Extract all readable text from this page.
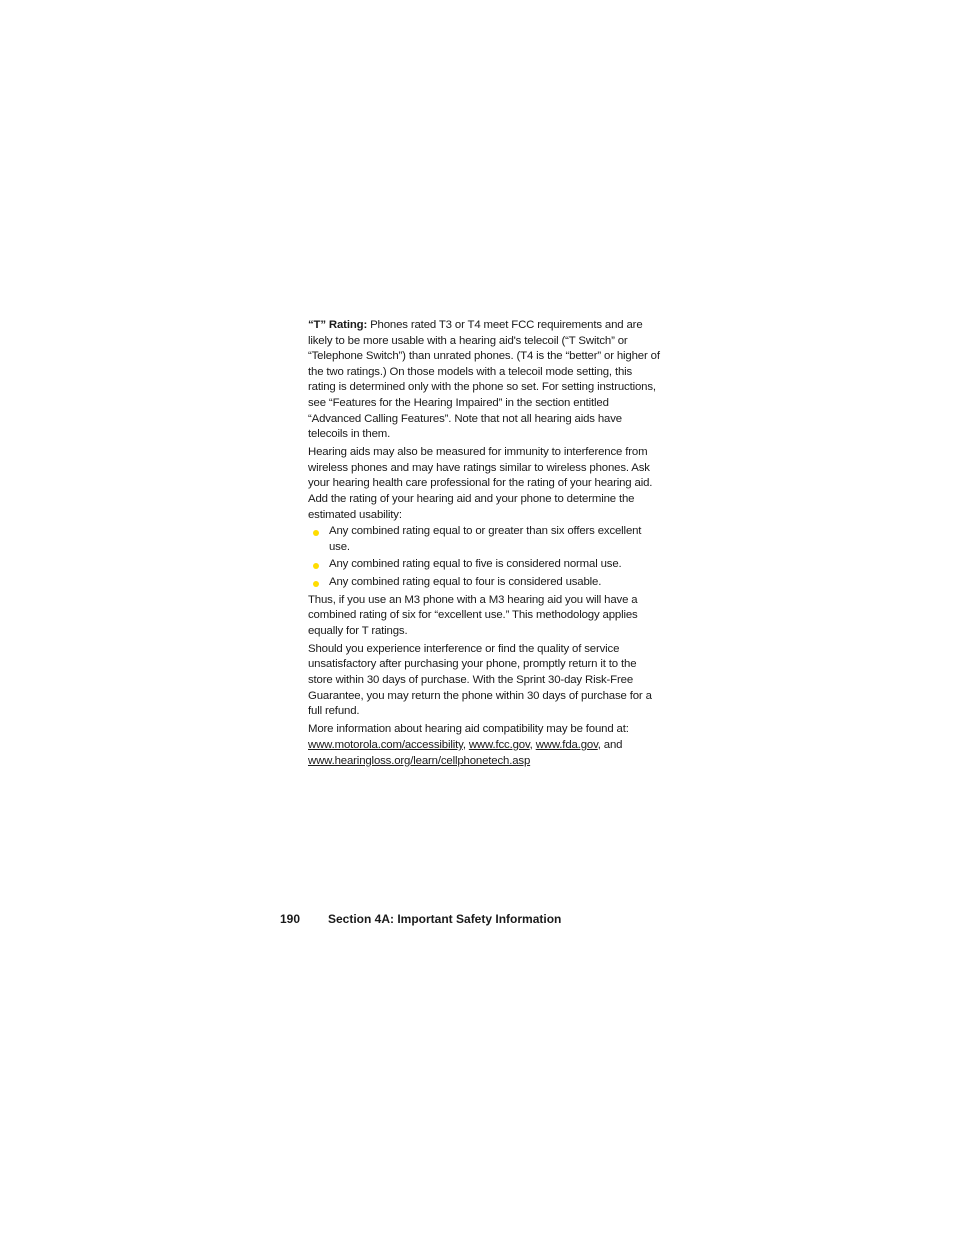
“T” Rating: Phones rated T3 or T4 meet FCC requirements and are likely to be more usable with a hearing aid's telecoil (“T Switch” or “Telephone Switch”) than unrated phones. (T4 is the “better” or higher of the two ratings.) On those models with a telecoil mode setting, this rating is determined only with the phone so set. For setting instructions, see “Features for the Hearing Impaired” in the section entitled “Advanced Calling Features”. Note that not all hearing aids have telecoils in them.

Hearing aids may also be measured for immunity to interference from wireless phones and may have ratings similar to wireless phones. Ask your hearing health care professional for the rating of your hearing aid. Add the rating of your hearing aid and your phone to determine the estimated usability:

Any combined rating equal to or greater than six offers excellent use.
Any combined rating equal to five is considered normal use.
Any combined rating equal to four is considered usable.

Thus, if you use an M3 phone with a M3 hearing aid you will have a combined rating of six for “excellent use.” This methodology applies equally for T ratings.

Should you experience interference or find the quality of service unsatisfactory after purchasing your phone, promptly return it to the store within 30 days of purchase. With the Sprint 30-day Risk-Free Guarantee, you may return the phone within 30 days of purchase for a full refund.

More information about hearing aid compatibility may be found at: www.motorola.com/accessibility, www.fcc.gov, www.fda.gov, and www.hearingloss.org/learn/cellphonetech.asp

190 Section 4A: Important Safety Information
